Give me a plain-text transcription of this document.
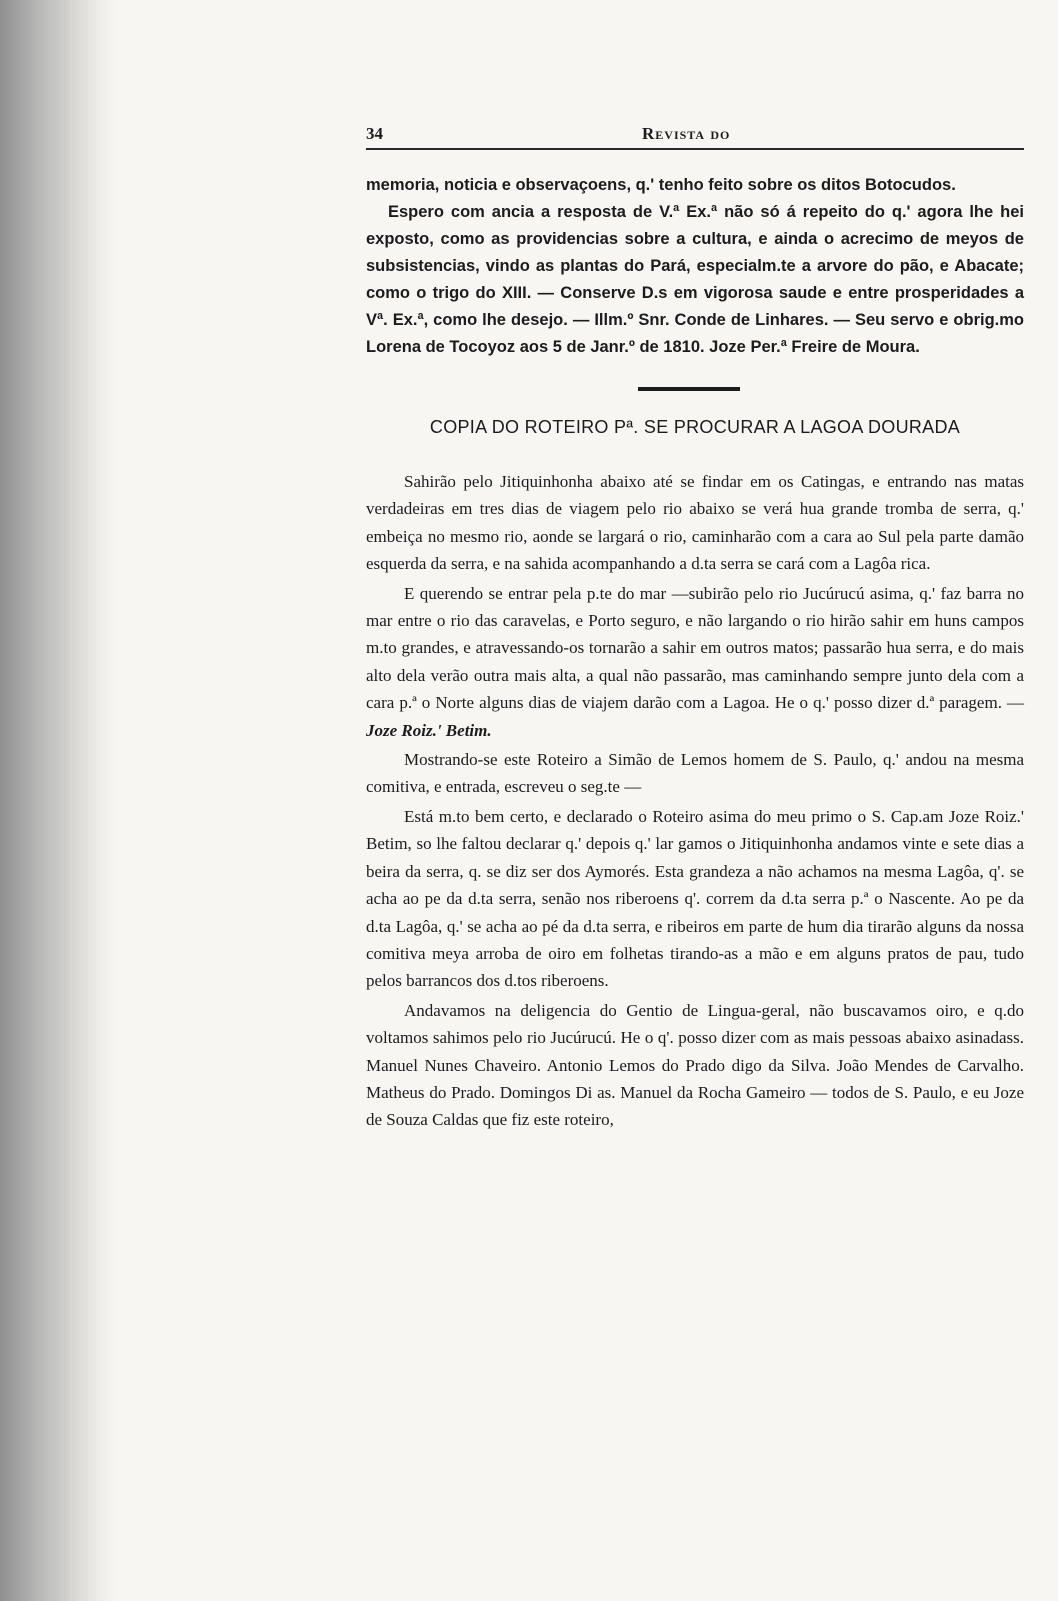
34	Revista do

memoria, noticia e observaçoens, q.' tenho feito sobre os ditos Botocudos.

Espero com ancia a resposta de V.ª Ex.ª não só á repeito do q.' agora lhe hei exposto, como as providencias sobre a cultura, e ainda o acrecimo de meyos de subsistencias, vindo as plantas do Pará, especialm.te a arvore do pão, e Abacate; como o trigo do XIII. — Conserve D.s em vigorosa saude e entre prosperidades a Vª. Ex.ª, como lhe desejo. — Illm.º Snr. Conde de Linhares. — Seu servo e obrig.mo Lorena de Tocoyoz aos 5 de Janr.º de 1810. Joze Per.ª Freire de Moura.

COPIA DO ROTEIRO Pª. SE PROCURAR A LAGOA DOURADA

Sahirão pelo Jitiquinhonha abaixo até se findar em os Catingas, e entrando nas matas verdadeiras em tres dias de viagem pelo rio abaixo se verá hua grande tromba de serra, q.' embeiça no mesmo rio, aonde se largará o rio, caminharão com a cara ao Sul pela parte damão esquerda da serra, e na sahida acompanhando a d.ta serra se cará com a Lagôa rica.

E querendo se entrar pela p.te do mar —subirão pelo rio Jucúrucú asima, q.' faz barra no mar entre o rio das caravelas, e Porto seguro, e não largando o rio hirão sahir em huns campos m.to grandes, e atravessando-os tornarão a sahir em outros matos; passarão hua serra, e do mais alto dela verão outra mais alta, a qual não passarão, mas caminhando sempre junto dela com a cara p.ª o Norte alguns dias de viajem darão com a Lagoa. He o q.' posso dizer d.ª paragem. — Joze Roiz.' Betim.

Mostrando-se este Roteiro a Simão de Lemos homem de S. Paulo, q.' andou na mesma comitiva, e entrada, escreveu o seg.te —

Está m.to bem certo, e declarado o Roteiro asima do meu primo o S. Cap.am Joze Roiz.' Betim, so lhe faltou declarar q.' depois q.' lar gamos o Jitiquinhonha andamos vinte e sete dias a beira da serra, q. se diz ser dos Aymorés. Esta grandeza a não achamos na mesma Lagôa, q'. se acha ao pe da d.ta serra, senão nos riberoens q'. correm da d.ta serra p.ª o Nascente. Ao pe da d.ta Lagôa, q.' se acha ao pé da d.ta serra, e ribeiros em parte de hum dia tirarão alguns da nossa comitiva meya arroba de oiro em folhetas tirando-as a mão e em alguns pratos de pau, tudo pelos barrancos dos d.tos riberoens.

Andavamos na deligencia do Gentio de Lingua-geral, não buscavamos oiro, e q.do voltamos sahimos pelo rio Jucúrucú. He o q'. posso dizer com as mais pessoas abaixo asinadass. Manuel Nunes Chaveiro. Antonio Lemos do Prado digo da Silva. João Mendes de Carvalho. Matheus do Prado. Domingos Di as. Manuel da Rocha Gameiro — todos de S. Paulo, e eu Joze de Souza Caldas que fiz este roteiro,
